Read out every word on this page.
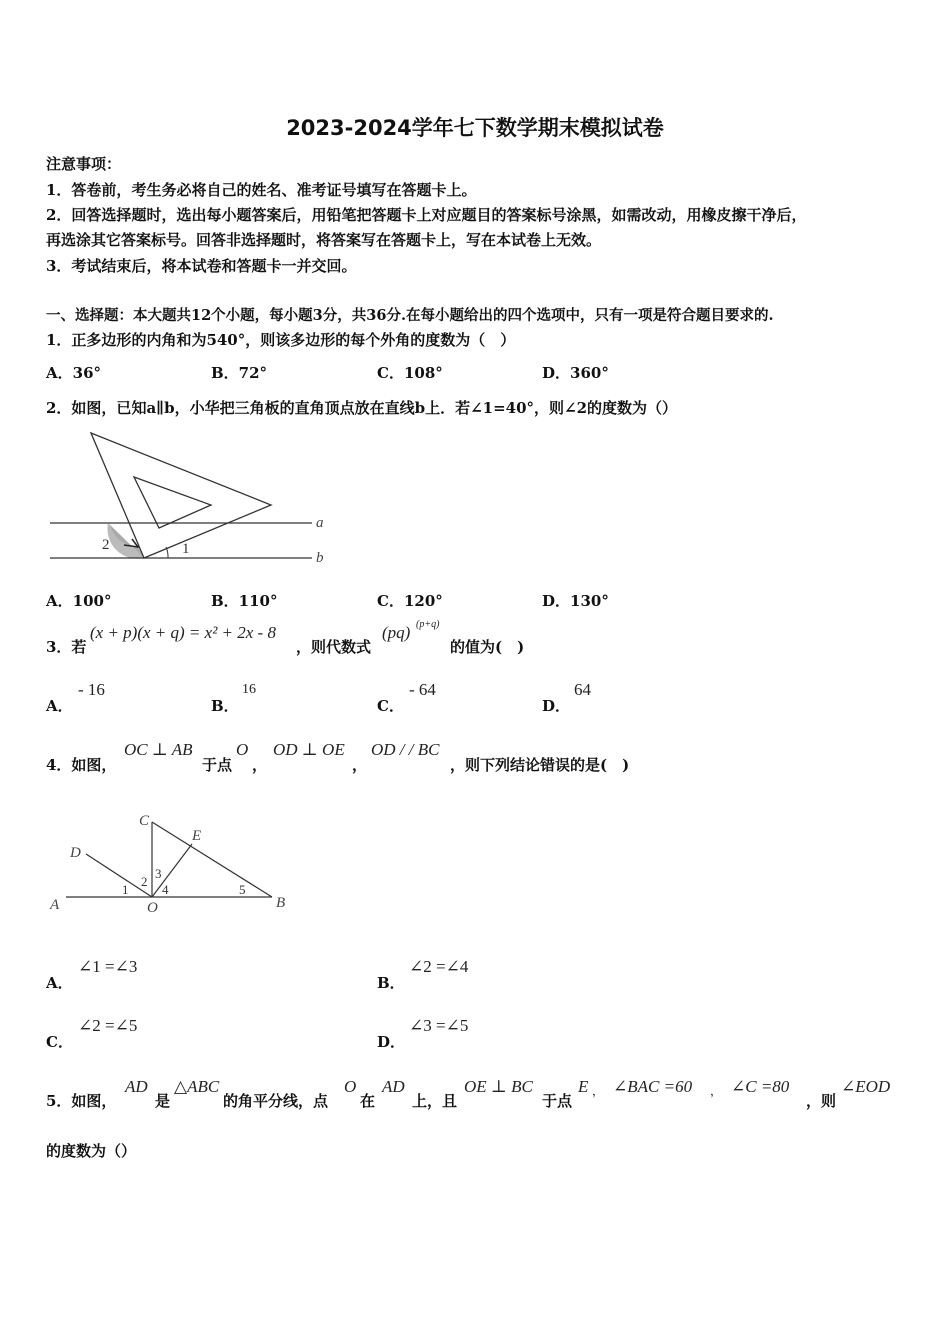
2023-2024学年七下数学期末模拟试卷
注意事项：
1．答卷前，考生务必将自己的姓名、准考证号填写在答题卡上。
2．回答选择题时，选出每小题答案后，用铅笔把答题卡上对应题目的答案标号涂黑，如需改动，用橡皮擦干净后，
再选涂其它答案标号。回答非选择题时，将答案写在答题卡上，写在本试卷上无效。
3．考试结束后，将本试卷和答题卡一并交回。
一、选择题：本大题共12个小题，每小题3分，共36分.在每小题给出的四个选项中，只有一项是符合题目要求的.
1．正多边形的内角和为540°，则该多边形的每个外角的度数为（　）
A．36°	B．72°	C．108°	D．360°
2．如图，已知a∥b，小华把三角板的直角顶点放在直线b上．若∠1=40°，则∠2的度数为（）
a
b
1
2
A．100°	B．110°	C．120°	D．130°
3．若
(x + p)(x + q) = x² + 2x - 8
，则代数式
(pq) (p+q)
的值为(　)
A．
- 16
B．
16
C．
- 64
D．
64
4．如图，
OC ⊥ AB
于点
O
，
OD ⊥ OE
，
OD / / BC
，则下列结论错误的是(　)
A	B
C
D
E
O
1
2
3
4	5
A．
∠1 =∠3
B．
∠2 =∠4
C．
∠2 =∠5
D．
∠3 =∠5
5．如图，
AD
是
△ABC
的角平分线，点
O
在
AD
上，且
OE ⊥ BC
于点
E ， ∠BAC =60 ， ∠C =80
，则
∠EOD
的度数为（）
